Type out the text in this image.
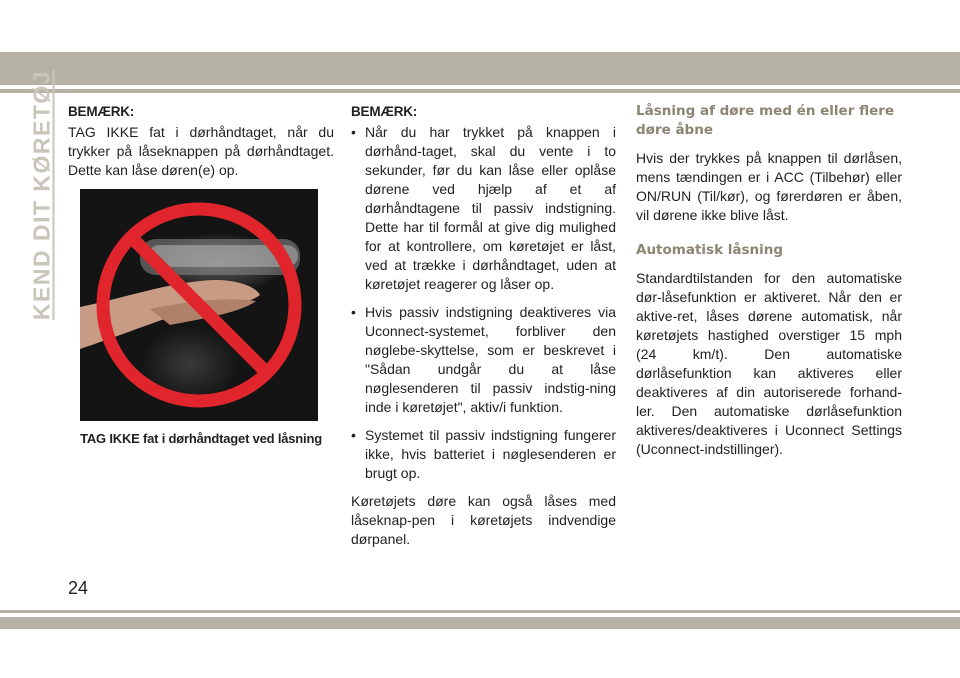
KEND DIT KØRETØJ BEMÆRK:

TAG IKKE fat i dørhåndtaget, når du trykker på låseknappen på dørhåndtaget. Dette kan låse døren(e) op.

TAG IKKE fat i dørhåndtaget ved låsning
BEMÆRK:
• Når du har trykket på knappen i dørhånd-taget, skal du vente i to sekunder, før du kan låse eller oplåse dørene ved hjælp af et af dørhåndtagene til passiv indstigning. Dette har til formål at give dig mulighed for at kontrollere, om køretøjet er låst, ved at trække i dørhåndtaget, uden at køretøjet reagerer og låser op.
• Hvis passiv indstigning deaktiveres via Uconnect-systemet, forbliver den nøglebe-skyttelse, som er beskrevet i "Sådan undgår du at låse nøglesenderen til passiv indstig-ning inde i køretøjet", aktiv/i funktion.
• Systemet til passiv indstigning fungerer ikke, hvis batteriet i nøglesenderen er brugt op.

Køretøjets døre kan også låses med låseknap-pen i køretøjets indvendige dørpanel.

Låsning af døre med én eller flere døre åbne

Hvis der trykkes på knappen til dørlåsen, mens tændingen er i ACC (Tilbehør) eller ON/RUN (Til/kør), og førerdøren er åben, vil dørene ikke blive låst.

Automatisk låsning

Standardtilstanden for den automatiske dør-låsefunktion er aktiveret. Når den er aktive-ret, låses dørene automatisk, når køretøjets hastighed overstiger 15 mph (24 km/t). Den automatiske dørlåsefunktion kan aktiveres eller deaktiveres af din autoriserede forhand-ler. Den automatiske dørlåsefunktion aktiveres/deaktiveres i Uconnect Settings (Uconnect-indstillinger).

24
